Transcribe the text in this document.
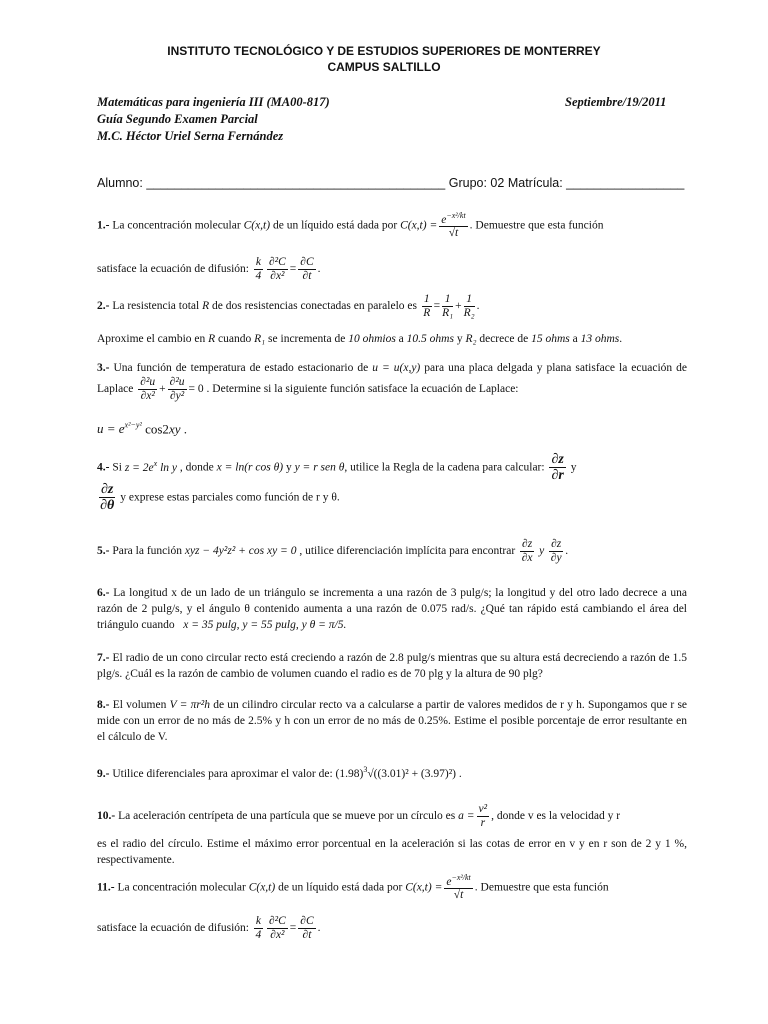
INSTITUTO TECNOLÓGICO Y DE ESTUDIOS SUPERIORES DE MONTERREY
CAMPUS SALTILLO
Matemáticas para ingeniería III (MA00-817)	Septiembre/19/2011
Guía Segundo Examen Parcial
M.C. Héctor Uriel Serna Fernández
Alumno: ___________________________________________ Grupo: 02 Matrícula: _________________
1.- La concentración molecular C(x,t) de un líquido está dada por $C(x,t) = \frac{e^{-x^2/kt}}{√t}$ . Demuestre que esta función
satisface la ecuación de difusión: $\frac{k}{4} \frac{\text{∂²C}}{\text{∂x²}} = \frac{\partial C}{\partial t}$ .
2.- La resistencia total R de dos resistencias conectadas en paralelo es $\frac{1}{R} = \frac{1}{\text{R₁}} + \frac{1}{\text{R₂}}$ .
Aproxime el cambio en R cuando R₁ se incrementa de 10 ohmios a 10.5 ohms y R₂ decrece de 15 ohms a 13 ohms.
3.- Una función de temperatura de estado estacionario de u = u(x,y) para una placa delgada y plana satisface la ecuación de Laplace $\frac{\text{∂²u}}{\text{∂x²}} + \frac{\text{∂²u}}{\text{∂y²}} = 0$ . Determine si la siguiente función satisface la ecuación de Laplace:
$u = e^{x^2-y^2}$ cos2xy .
4.- Si $z = 2e^x$ ln y , donde x = ln(r cos θ) y y = r sen θ, utilice la Regla de la cadena para calcular: $\frac{\partial z}{\partial r}$ y
$\frac{\partial z}{\partial\theta}$ y exprese estas parciales como función de r y θ.
5.- Para la función xyz − 4y²z² + cos xy = 0 , utilice diferenciación implícita para encontrar $\frac{\partial z}{\partial x}$ y $\frac{\partial z}{\partial y}$ .
6.- La longitud x de un lado de un triángulo se incrementa a una razón de 3 pulg/s; la longitud y del otro lado decrece a una razón de 2 pulg/s, y el ángulo θ contenido aumenta a una razón de 0.075 rad/s. ¿Qué tan rápido está cambiando el área del triángulo cuando x = 35 pulg, y = 55 pulg, y θ = π/5.
7.- El radio de un cono circular recto está creciendo a razón de 2.8 pulg/s mientras que su altura está decreciendo a razón de 1.5 plg/s. ¿Cuál es la razón de cambio de volumen cuando el radio es de 70 plg y la altura de 90 plg?
8.- El volumen V = πr²h de un cilindro circular recto va a calcularse a partir de valores medidos de r y h. Supongamos que r se mide con un error de no más de 2.5% y h con un error de no más de 0.25%. Estime el posible porcentaje de error resultante en el cálculo de V.
9.- Utilice diferenciales para aproximar el valor de: $(1.98)^3√((3.01)^2 + (3.97)^2)$ .
10.- La aceleración centrípeta de una partícula que se mueve por un círculo es $a = \frac{\text{v²}}{r}$ , donde v es la velocidad y r
es el radio del círculo. Estime el máximo error porcentual en la aceleración si las cotas de error en v y en r son de 2 y 1 %, respectivamente.
11.- La concentración molecular C(x,t) de un líquido está dada por $C(x,t) = \frac{e^{-x^2/kt}}{√t}$ . Demuestre que esta función
satisface la ecuación de difusión: $\frac{k}{4} \frac{\text{∂²C}}{\text{∂x²}} = \frac{\partial C}{\partial t}$ .
